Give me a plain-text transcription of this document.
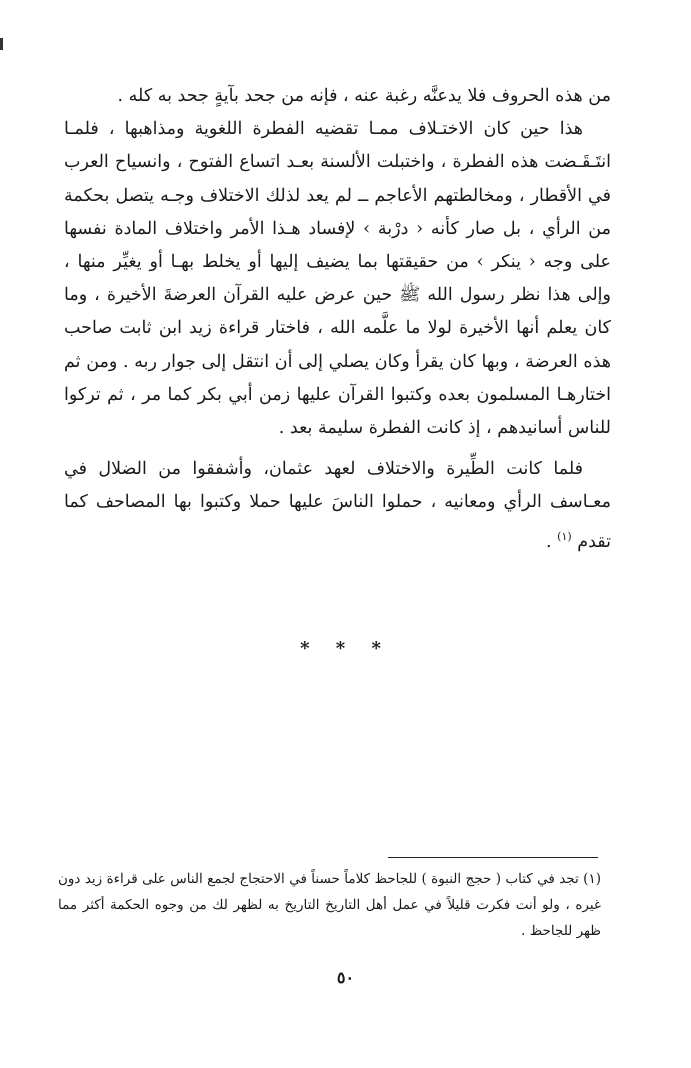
من هذه الحروف فلا يدعنَّه رغبة عنه ، فإنه من جحد بآيةٍ جحد به كله .

هذا حين كان الاختـلاف ممـا تقضيه الفطرة اللغوية ومذاهبها ، فلمـا انتَـقَـضت هذه الفطرة ، واختبلت الألسنة بعـد اتساع الفتوح ، وانسياح العرب في الأقطار ، ومخالطتهم الأعاجم ــ لم يعد لذلك الاختلاف وجـه يتصل بحكمة من الرأي ، بل صار كأنه ‹ درْبة › لإفساد هـذا الأمر واختلاف المادة نفسها على وجه ‹ ينكر › من حقيقتها بما يضيف إليها أو يخلط بهـا أو يغيِّر منها ، وإلى هذا نظر رسول الله ﷺ حين عرض عليه القرآن العرضةَ الأخيرة ، وما كان يعلم أنها الأخيرة لولا ما علَّمه الله ، فاختار قراءة زيد ابن ثابت صاحب هذه العرضة ، وبها كان يقرأ وكان يصلي إلى أن انتقل إلى جوار ربه . ومن ثم اختارهـا المسلمون بعده وكتبوا القرآن عليها زمن أبي بكر كما مر ، ثم تركوا للناس أسانيدهم ، إذ كانت الفطرة سليمة بعد .

فلما كانت الطِّيرة والاختلاف لعهد عثمان، وأشفقوا من الضلال في معـاسف الرأي ومعانيه ، حملوا الناسَ عليها حملا وكتبوا بها المصاحف كما تقدم $^{(١)}$ .

* * *
(١) تجد في كتاب ( حجج النبوة ) للجاحظ كلاماً حسناً في الاحتجاج لجمع الناس على قراءة زيد دون غيره ، ولو أنت فكرت قليلاً في عمل أهل التاريخ التاريخ به لظهر لك من وجوه الحكمة أكثر مما ظهر للجاحظ .
٥٠
